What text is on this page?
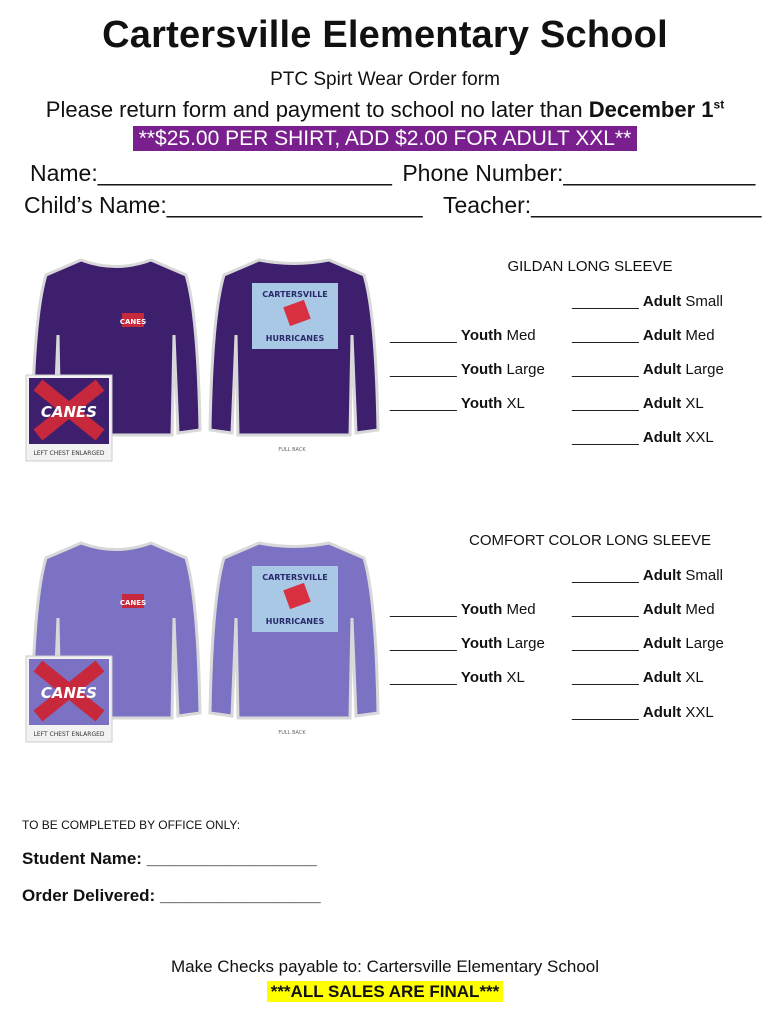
Cartersville Elementary School
PTC Spirt Wear Order form
Please return form and payment to school no later than December 1st
**$25.00 PER SHIRT, ADD $2.00 FOR ADULT XXL**
Name:_______________________ Phone Number:_______________
Child’s Name:____________________ Teacher:__________________
CANES
CARTERSVILLE
HURRICANES
FULL BACK
CANES
LEFT CHEST ENLARGED
GILDAN LONG SLEEVE
________ Adult Small
________ Youth Med ________ Adult Med
________ Youth Large ________ Adult Large
________ Youth XL	________ Adult XL
________ Adult XXL
CANES
CARTERSVILLE
HURRICANES
FULL BACK
CANES
LEFT CHEST ENLARGED
COMFORT COLOR LONG SLEEVE
________ Adult Small
________ Youth Med ________ Adult Med
________ Youth Large ________ Adult Large
________ Youth XL	________ Adult XL
________ Adult XXL
TO BE COMPLETED BY OFFICE ONLY:
Student Name: __________________
Order Delivered: _________________
Make Checks payable to: Cartersville Elementary School
***ALL SALES ARE FINAL***
